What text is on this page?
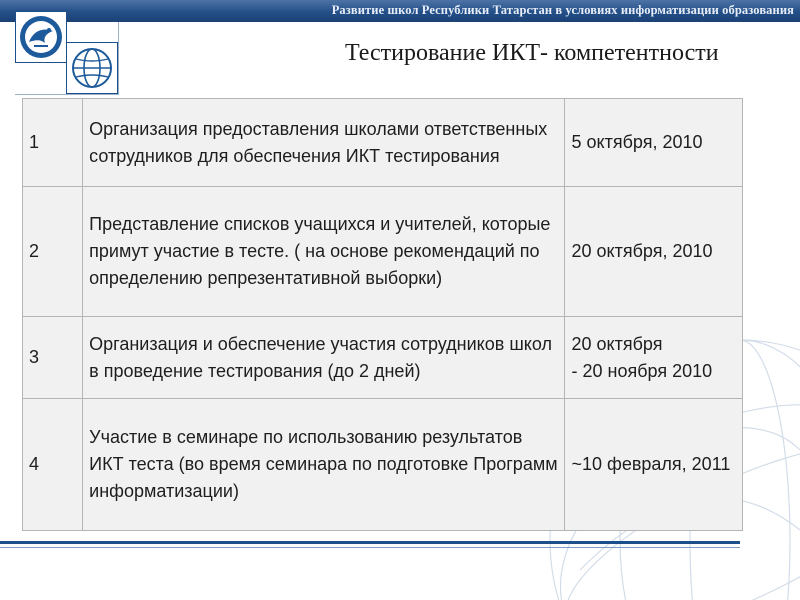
Развитие школ Республики Татарстан в условиях информатизации образования
Тестирование ИКТ- компетентности
1	Организация предоставления школами ответственных сотрудников для обеспечения ИКТ тестирования	5 октября, 2010
2	Представление списков учащихся и учителей, которые примут участие в тесте. ( на основе рекомендаций по определению репрезентативной выборки)	20 октября, 2010
3	Организация и обеспечение участия сотрудников школ в проведение тестирования (до 2 дней)	20 октября
- 20 ноября 2010
4	Участие в семинаре по использованию результатов ИКТ теста (во время семинара по подготовке Программ информатизации)	~10 февраля, 2011
